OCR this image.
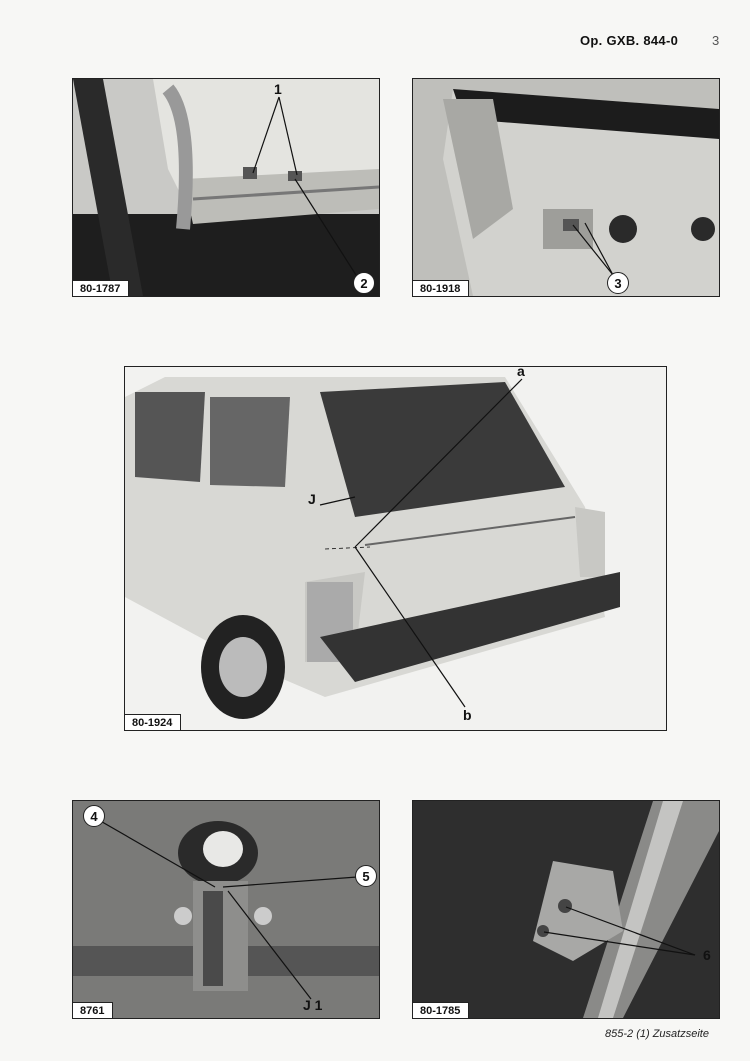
Op. GXB. 844-0	3
1
2
80-1787	3
80-1918
a
J
b
80-1924
4
5
J 1
8761
6
80-1785
855-2 (1) Zusatzseite
